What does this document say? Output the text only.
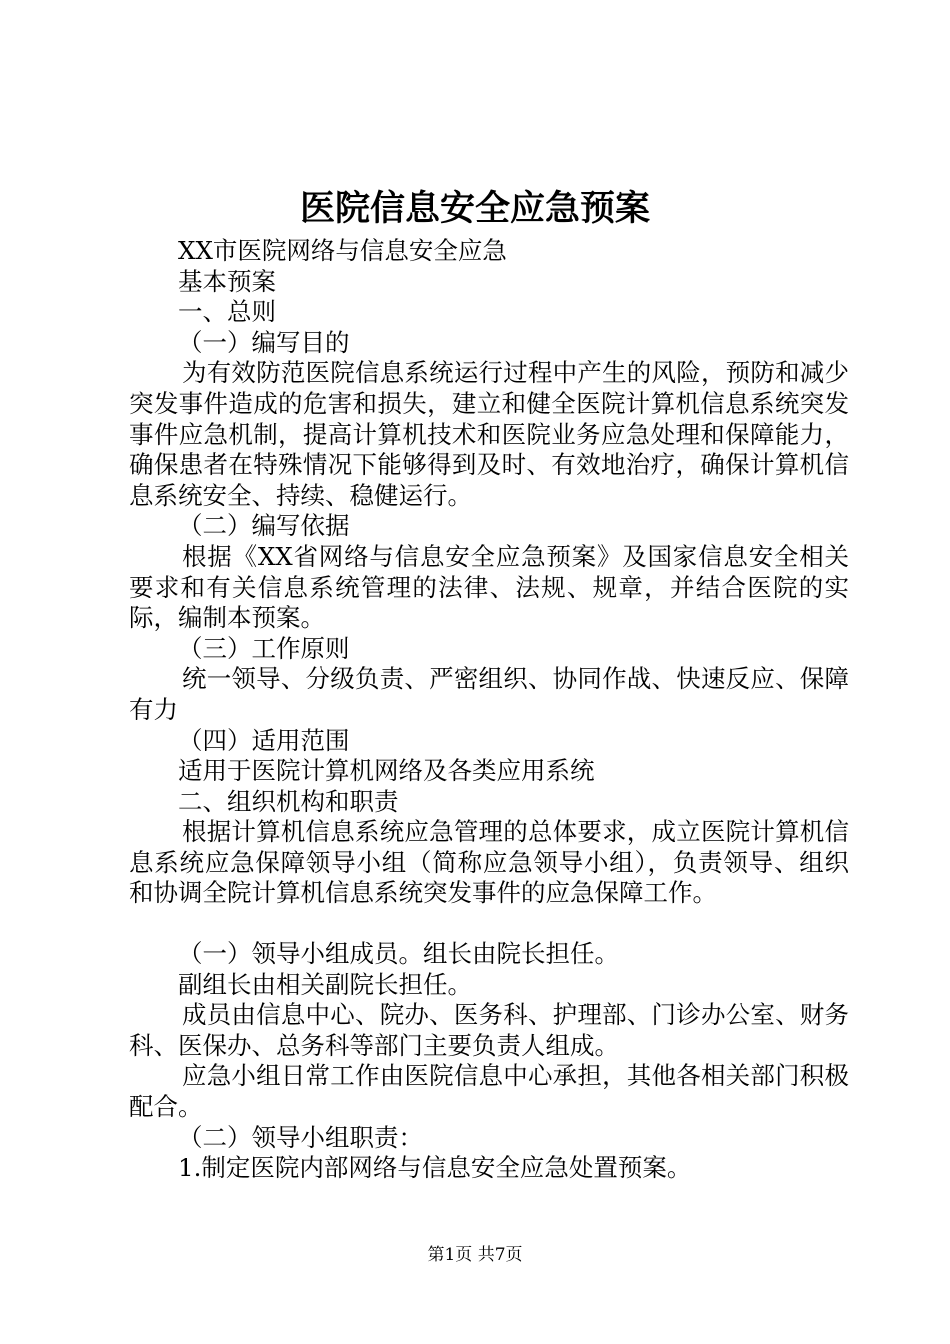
医院信息安全应急预案

XX市医院网络与信息安全应急

基本预案

一、总则

（一）编写目的

为有效防范医院信息系统运行过程中产生的风险，预防和减少突发事件造成的危害和损失，建立和健全医院计算机信息系统突发事件应急机制，提高计算机技术和医院业务应急处理和保障能力，确保患者在特殊情况下能够得到及时、有效地治疗，确保计算机信息系统安全、持续、稳健运行。

（二）编写依据

根据《XX省网络与信息安全应急预案》及国家信息安全相关要求和有关信息系统管理的法律、法规、规章，并结合医院的实际，编制本预案。

（三）工作原则

统一领导、分级负责、严密组织、协同作战、快速反应、保障有力

（四）适用范围

适用于医院计算机网络及各类应用系统

二、组织机构和职责

根据计算机信息系统应急管理的总体要求，成立医院计算机信息系统应急保障领导小组（简称应急领导小组），负责领导、组织和协调全院计算机信息系统突发事件的应急保障工作。

（一）领导小组成员。组长由院长担任。

副组长由相关副院长担任。

成员由信息中心、院办、医务科、护理部、门诊办公室、财务科、医保办、总务科等部门主要负责人组成。

应急小组日常工作由医院信息中心承担，其他各相关部门积极配合。

（二）领导小组职责：

1.制定医院内部网络与信息安全应急处置预案。

第1页 共7页
